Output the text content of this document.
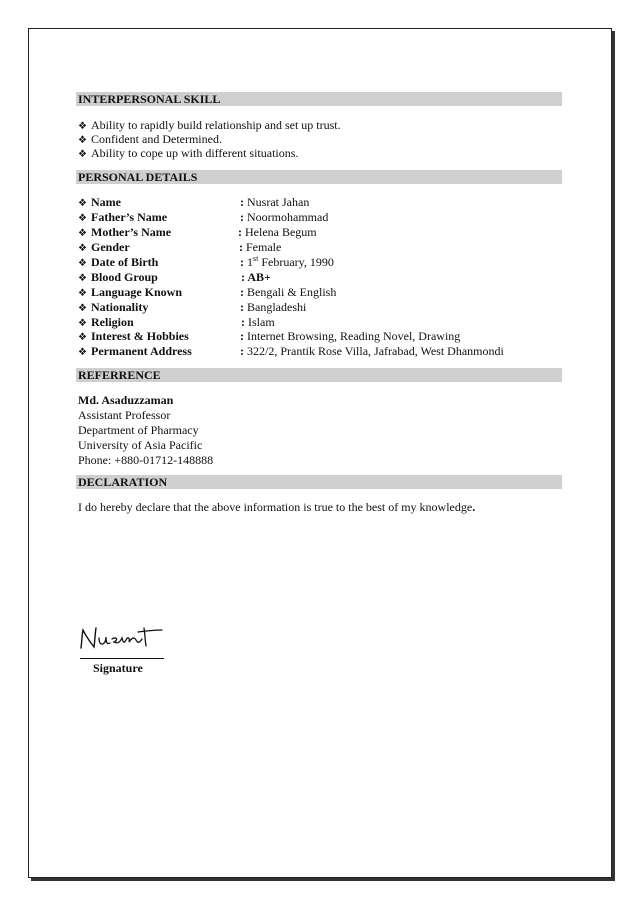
INTERPERSONAL SKILL
❖ Ability to rapidly build relationship and set up trust.
❖ Confident and Determined.
❖ Ability to cope up with different situations.
PERSONAL DETAILS
❖ Name	: Nusrat Jahan
❖ Father’s Name	: Noormohammad
❖ Mother’s Name	: Helena Begum
❖ Gender	: Female
❖ Date of Birth	: 1st February, 1990
❖ Blood Group	: AB+
❖ Language Known	: Bengali & English
❖ Nationality	: Bangladeshi
❖ Religion	: Islam
❖ Interest & Hobbies	: Internet Browsing, Reading Novel, Drawing
❖ Permanent Address	: 322/2, Prantik Rose Villa, Jafrabad, West Dhanmondi
REFERRENCE
Md. Asaduzzaman
Assistant Professor
Department of Pharmacy
University of Asia Pacific
Phone: +880-01712-148888
DECLARATION
I do hereby declare that the above information is true to the best of my knowledge.
Signature
